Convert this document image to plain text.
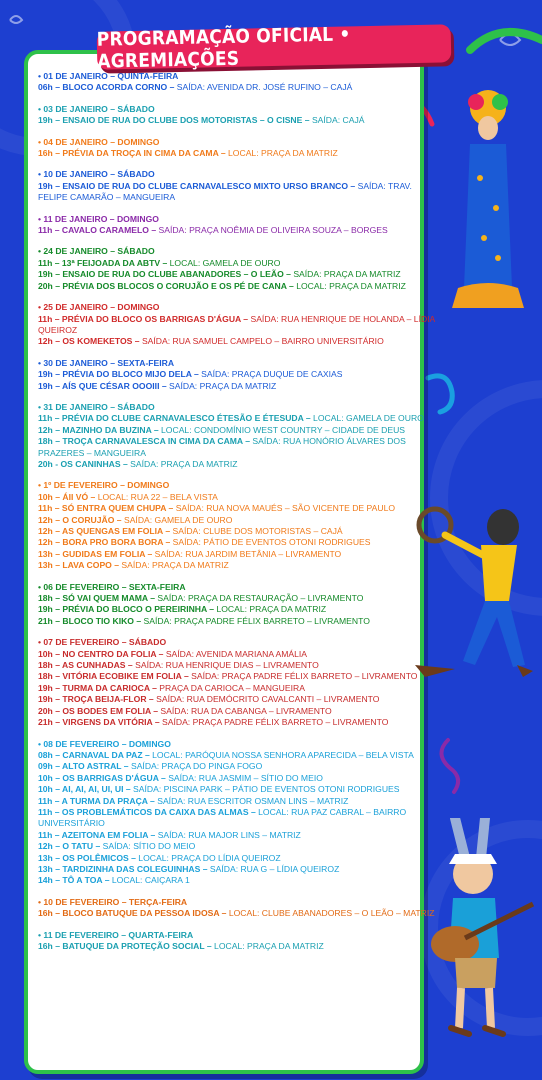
PROGRAMAÇÃO OFICIAL • AGREMIAÇÕES
• 01 DE JANEIRO – QUINTA-FEIRA
06h – BLOCO ACORDA CORNO – SAÍDA: AVENIDA DR. JOSÉ RUFINO – CAJÁ
• 03 DE JANEIRO – SÁBADO
19h – ENSAIO DE RUA DO CLUBE DOS MOTORISTAS – O CISNE – SAÍDA: CAJÁ
• 04 DE JANEIRO – DOMINGO
16h – PRÉVIA DA TROÇA IN CIMA DA CAMA – LOCAL: PRAÇA DA MATRIZ
• 10 DE JANEIRO – SÁBADO
19h – ENSAIO DE RUA DO CLUBE CARNAVALESCO MIXTO URSO BRANCO – SAÍDA: TRAV. FELIPE CAMARÃO – MANGUEIRA
• 11 DE JANEIRO – DOMINGO
11h – CAVALO CARAMELO – SAÍDA: PRAÇA NOÊMIA DE OLIVEIRA SOUZA – BORGES
• 24 DE JANEIRO – SÁBADO
11h – 13ª FEIJOADA DA ABTV – LOCAL: GAMELA DE OURO
19h – ENSAIO DE RUA DO CLUBE ABANADORES – O LEÃO – SAÍDA: PRAÇA DA MATRIZ
20h – PRÉVIA DOS BLOCOS O CORUJÃO E OS PÉ DE CANA – LOCAL: PRAÇA DA MATRIZ
• 25 DE JANEIRO – DOMINGO
11h – PRÉVIA DO BLOCO OS BARRIGAS D'ÁGUA – SAÍDA: RUA HENRIQUE DE HOLANDA – LÍDIA QUEIROZ
12h – OS KOMEKETOS – SAÍDA: RUA SAMUEL CAMPELO – BAIRRO UNIVERSITÁRIO
• 30 DE JANEIRO – SEXTA-FEIRA
19h – PRÉVIA DO BLOCO MIJO DELA – SAÍDA: PRAÇA DUQUE DE CAXIAS
19h – AÍS QUE CÉSAR OOOIII – SAÍDA: PRAÇA DA MATRIZ
• 31 DE JANEIRO – SÁBADO
11h – PRÉVIA DO CLUBE CARNAVALESCO ÉTESÃO E ÉTESUDA – LOCAL: GAMELA DE OURO
12h – MAZINHO DA BUZINA – LOCAL: CONDOMÍNIO WEST COUNTRY – CIDADE DE DEUS
18h – TROÇA CARNAVALESCA IN CIMA DA CAMA – SAÍDA: RUA HONÓRIO ÁLVARES DOS PRAZERES – MANGUEIRA
20h - OS CANINHAS – SAÍDA: PRAÇA DA MATRIZ
• 1º DE FEVEREIRO – DOMINGO
10h – ÁII VÓ – LOCAL: RUA 22 – BELA VISTA
11h – SÓ ENTRA QUEM CHUPA – SAÍDA: RUA NOVA MAUÉS – SÃO VICENTE DE PAULO
12h – O CORUJÃO – SAÍDA: GAMELA DE OURO
12h – AS QUENGAS EM FOLIA – SAÍDA: CLUBE DOS MOTORISTAS – CAJÁ
12h – BORA PRO BORA BORA – SAÍDA: PÁTIO DE EVENTOS OTONI RODRIGUES
13h – GUDIDAS EM FOLIA – SAÍDA: RUA JARDIM BETÂNIA – LIVRAMENTO
13h – LAVA COPO – SAÍDA: PRAÇA DA MATRIZ
• 06 DE FEVEREIRO – SEXTA-FEIRA
18h – SÓ VAI QUEM MAMA – SAÍDA: PRAÇA DA RESTAURAÇÃO – LIVRAMENTO
19h – PRÉVIA DO BLOCO O PEREIRINHA – LOCAL: PRAÇA DA MATRIZ
21h – BLOCO TIO KIKO – SAÍDA: PRAÇA PADRE FÉLIX BARRETO – LIVRAMENTO
• 07 DE FEVEREIRO – SÁBADO
10h – NO CENTRO DA FOLIA – SAÍDA: AVENIDA MARIANA AMÁLIA
18h – AS CUNHADAS – SAÍDA: RUA HENRIQUE DIAS – LIVRAMENTO
18h – VITÓRIA ECOBIKE EM FOLIA – SAÍDA: PRAÇA PADRE FÉLIX BARRETO – LIVRAMENTO
19h – TURMA DA CARIOCA – PRAÇA DA CARIOCA – MANGUEIRA
19h – TROÇA BEIJA-FLOR – SAÍDA: RUA DEMÓCRITO CAVALCANTI – LIVRAMENTO
20h – OS BODES EM FOLIA – SAÍDA: RUA DA CABANGA – LIVRAMENTO
21h – VIRGENS DA VITÓRIA – SAÍDA: PRAÇA PADRE FÉLIX BARRETO – LIVRAMENTO
• 08 DE FEVEREIRO – DOMINGO
08h – CARNAVAL DA PAZ – LOCAL: PARÓQUIA NOSSA SENHORA APARECIDA – BELA VISTA
09h – ALTO ASTRAL – SAÍDA: PRAÇA DO PINGA FOGO
10h – OS BARRIGAS D'ÁGUA – SAÍDA: RUA JASMIM – SÍTIO DO MEIO
10h – AI, AI, AI, UI, UI – SAÍDA: PISCINA PARK – PÁTIO DE EVENTOS OTONI RODRIGUES
11h – A TURMA DA PRAÇA – SAÍDA: RUA ESCRITOR OSMAN LINS – MATRIZ
11h – OS PROBLEMÁTICOS DA CAIXA DAS ALMAS – LOCAL: RUA PAZ CABRAL – BAIRRO UNIVERSITÁRIO
11h – AZEITONA EM FOLIA – SAÍDA: RUA MAJOR LINS – MATRIZ
12h – O TATU – SAÍDA: SÍTIO DO MEIO
13h – OS POLÊMICOS – LOCAL: PRAÇA DO LÍDIA QUEIROZ
13h – TARDIZINHA DAS COLEGUINHAS – SAÍDA: RUA G – LÍDIA QUEIROZ
14h – TÔ A TOA – LOCAL: CAIÇARA 1
• 10 DE FEVEREIRO – TERÇA-FEIRA
16h – BLOCO BATUQUE DA PESSOA IDOSA – LOCAL: CLUBE ABANADORES – O LEÃO – MATRIZ
• 11 DE FEVEREIRO – QUARTA-FEIRA
16h – BATUQUE DA PROTEÇÃO SOCIAL – LOCAL: PRAÇA DA MATRIZ
